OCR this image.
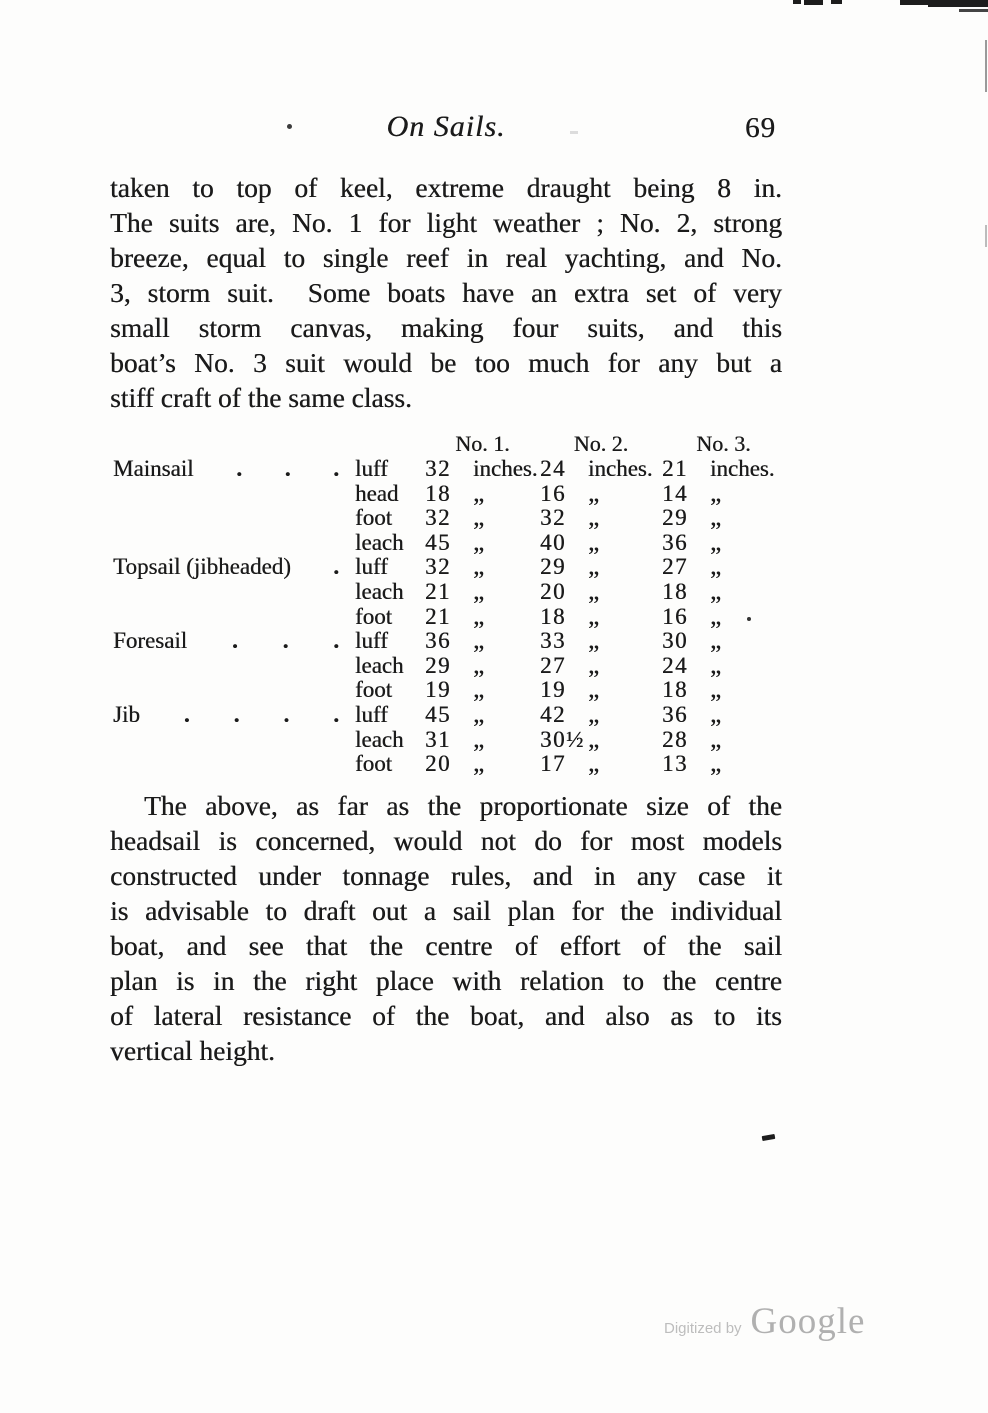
On Sails.	69
taken to top of keel, extreme draught being 8 in.
The suits are, No. 1 for light weather ; No. 2, strong
breeze, equal to single reef in real yachting, and No.
3, storm suit. Some boats have an extra set of very
small storm canvas, making four suits, and this
boat’s No. 3 suit would be too much for any but a
stiff craft of the same class.
No. 1.	No. 2.	No. 3.
Mainsail . . . luff	32 inches. 24 inches. 21 inches.
head	18 „	16 „	14 „
foot	32 „	32 „	29 „
leach 45 „	40 „	36 „
Topsail (jibheaded) . luff	32 „	29 „	27 „
leach 21 „	20 „	18 „
foot	21 „	18 „	16 „
Foresail . . . luff	36 „	33 „	30 „
leach 29 „	27 „	24 „
foot	19 „	19 „	18 „
Jib . . . . luff	45 „	42 „	36 „
leach 31 „	30½ „	28 „
foot	20 „	17 „	13 „
The above, as far as the proportionate size of the
headsail is concerned, would not do for most models
constructed under tonnage rules, and in any case it
is advisable to draft out a sail plan for the individual
boat, and see that the centre of effort of the sail
plan is in the right place with relation to the centre
of lateral resistance of the boat, and also as to its
vertical height.
Digitized by Google
